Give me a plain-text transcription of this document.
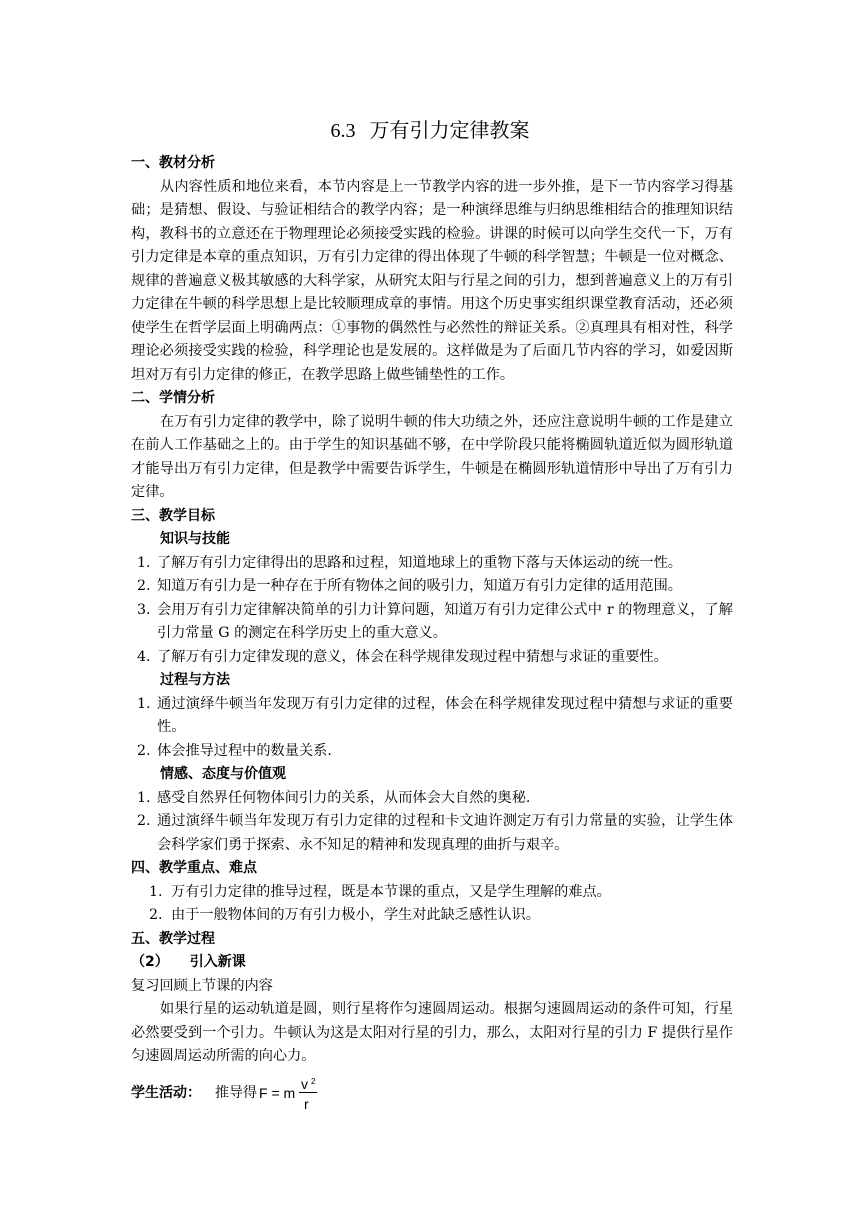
6.3 万有引力定律教案
一、教材分析
从内容性质和地位来看，本节内容是上一节教学内容的进一步外推，是下一节内容学习得基础；是猜想、假设、与验证相结合的教学内容；是一种演绎思维与归纳思维相结合的推理知识结构，教科书的立意还在于物理理论必须接受实践的检验。讲课的时候可以向学生交代一下，万有引力定律是本章的重点知识，万有引力定律的得出体现了牛顿的科学智慧；牛顿是一位对概念、规律的普遍意义极其敏感的大科学家，从研究太阳与行星之间的引力，想到普遍意义上的万有引力定律在牛顿的科学思想上是比较顺理成章的事情。用这个历史事实组织课堂教育活动，还必须使学生在哲学层面上明确两点：①事物的偶然性与必然性的辩证关系。②真理具有相对性，科学理论必须接受实践的检验，科学理论也是发展的。这样做是为了后面几节内容的学习，如爱因斯坦对万有引力定律的修正，在教学思路上做些铺垫性的工作。
二、学情分析
在万有引力定律的教学中，除了说明牛顿的伟大功绩之外，还应注意说明牛顿的工作是建立在前人工作基础之上的。由于学生的知识基础不够，在中学阶段只能将椭圆轨道近似为圆形轨道才能导出万有引力定律，但是教学中需要告诉学生，牛顿是在椭圆形轨道情形中导出了万有引力定律。
三、教学目标
知识与技能
1. 了解万有引力定律得出的思路和过程，知道地球上的重物下落与天体运动的统一性。
2. 知道万有引力是一种存在于所有物体之间的吸引力，知道万有引力定律的适用范围。
3. 会用万有引力定律解决简单的引力计算问题，知道万有引力定律公式中 r 的物理意义，了解引力常量 G 的测定在科学历史上的重大意义。
4. 了解万有引力定律发现的意义，体会在科学规律发现过程中猜想与求证的重要性。
过程与方法
1. 通过演绎牛顿当年发现万有引力定律的过程，体会在科学规律发现过程中猜想与求证的重要性。
2. 体会推导过程中的数量关系.
情感、态度与价值观
1. 感受自然界任何物体间引力的关系，从而体会大自然的奥秘.
2. 通过演绎牛顿当年发现万有引力定律的过程和卡文迪许测定万有引力常量的实验，让学生体会科学家们勇于探索、永不知足的精神和发现真理的曲折与艰辛。
四、教学重点、难点
1. 万有引力定律的推导过程，既是本节课的重点，又是学生理解的难点。
2. 由于一般物体间的万有引力极小，学生对此缺乏感性认识。
五、教学过程
（2）　　引入新课
复习回顾上节课的内容
如果行星的运动轨道是圆，则行星将作匀速圆周运动。根据匀速圆周运动的条件可知，行星必然要受到一个引力。牛顿认为这是太阳对行星的引力，那么，太阳对行星的引力 F 提供行星作匀速圆周运动所需的向心力。
学生活动： 推导得 F = m
v 2
r
